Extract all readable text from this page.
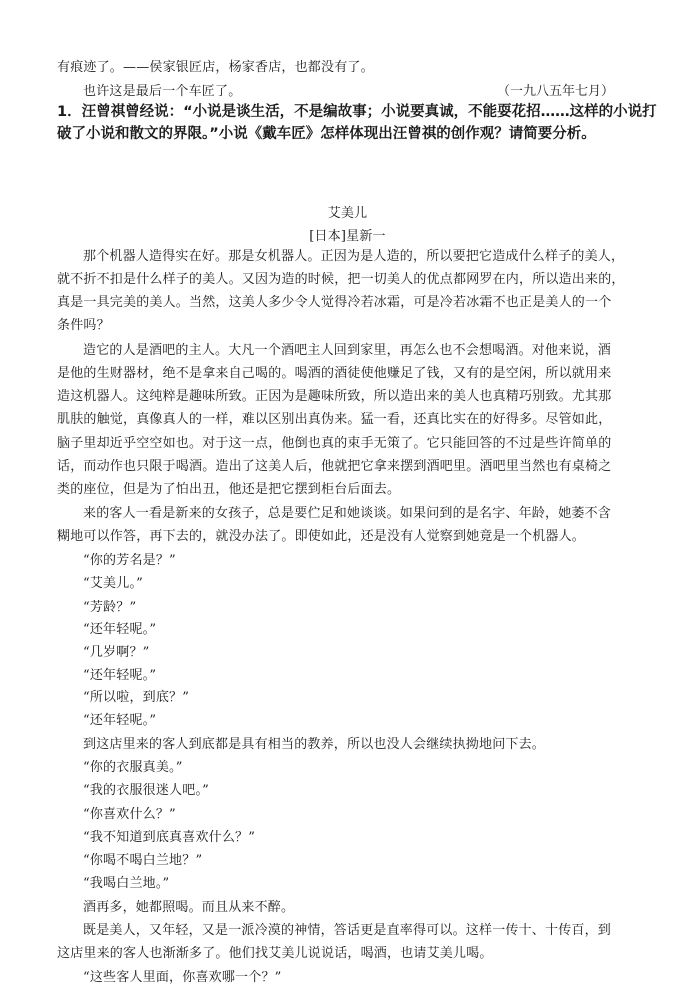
有痕迹了。——侯家银匠店，杨家香店，也都没有了。
也许这是最后一个车匠了。	（一九八五年七月）
1．汪曾祺曾经说：“小说是谈生活，不是编故事；小说要真诚，不能耍花招……这样的小说打
破了小说和散文的界限。”小说《戴车匠》怎样体现出汪曾祺的创作观？请简要分析。
艾美儿
[日本]星新一
那个机器人造得实在好。那是女机器人。正因为是人造的，所以要把它造成什么样子的美人，
就不折不扣是什么样子的美人。又因为造的时候，把一切美人的优点都网罗在内，所以造出来的，
真是一具完美的美人。当然，这美人多少令人觉得冷若冰霜，可是冷若冰霜不也正是美人的一个
条件吗？
造它的人是酒吧的主人。大凡一个酒吧主人回到家里，再怎么也不会想喝酒。对他来说，酒
是他的生财器材，绝不是拿来自己喝的。喝酒的酒徒使他赚足了钱，又有的是空闲，所以就用来
造这机器人。这纯粹是趣味所致。正因为是趣味所致，所以造出来的美人也真精巧别致。尤其那
肌肤的触觉，真像真人的一样，难以区别出真伪来。猛一看，还真比实在的好得多。尽管如此，
脑子里却近乎空空如也。对于这一点，他倒也真的束手无策了。它只能回答的不过是些许简单的
话，而动作也只限于喝酒。造出了这美人后，他就把它拿来摆到酒吧里。酒吧里当然也有桌椅之
类的座位，但是为了怕出丑，他还是把它摆到柜台后面去。
来的客人一看是新来的女孩子，总是要伫足和她谈谈。如果问到的是名字、年龄，她萎不含
糊地可以作答，再下去的，就没办法了。即使如此，还是没有人觉察到她竟是一个机器人。
“你的芳名是？”
“艾美儿。”
“芳龄？”
“还年轻呢。”
“几岁啊？”
“还年轻呢。”
“所以啦，到底？”
“还年轻呢。”
到这店里来的客人到底都是具有相当的教养，所以也没人会继续执拗地问下去。
“你的衣服真美。”
“我的衣服很迷人吧。”
“你喜欢什么？”
“我不知道到底真喜欢什么？”
“你喝不喝白兰地？”
“我喝白兰地。”
酒再多，她都照喝。而且从来不醉。
既是美人，又年轻，又是一派冷漠的神情，答话更是直率得可以。这样一传十、十传百，到
这店里来的客人也渐渐多了。他们找艾美儿说说话，喝酒，也请艾美儿喝。
“这些客人里面，你喜欢哪一个？”
